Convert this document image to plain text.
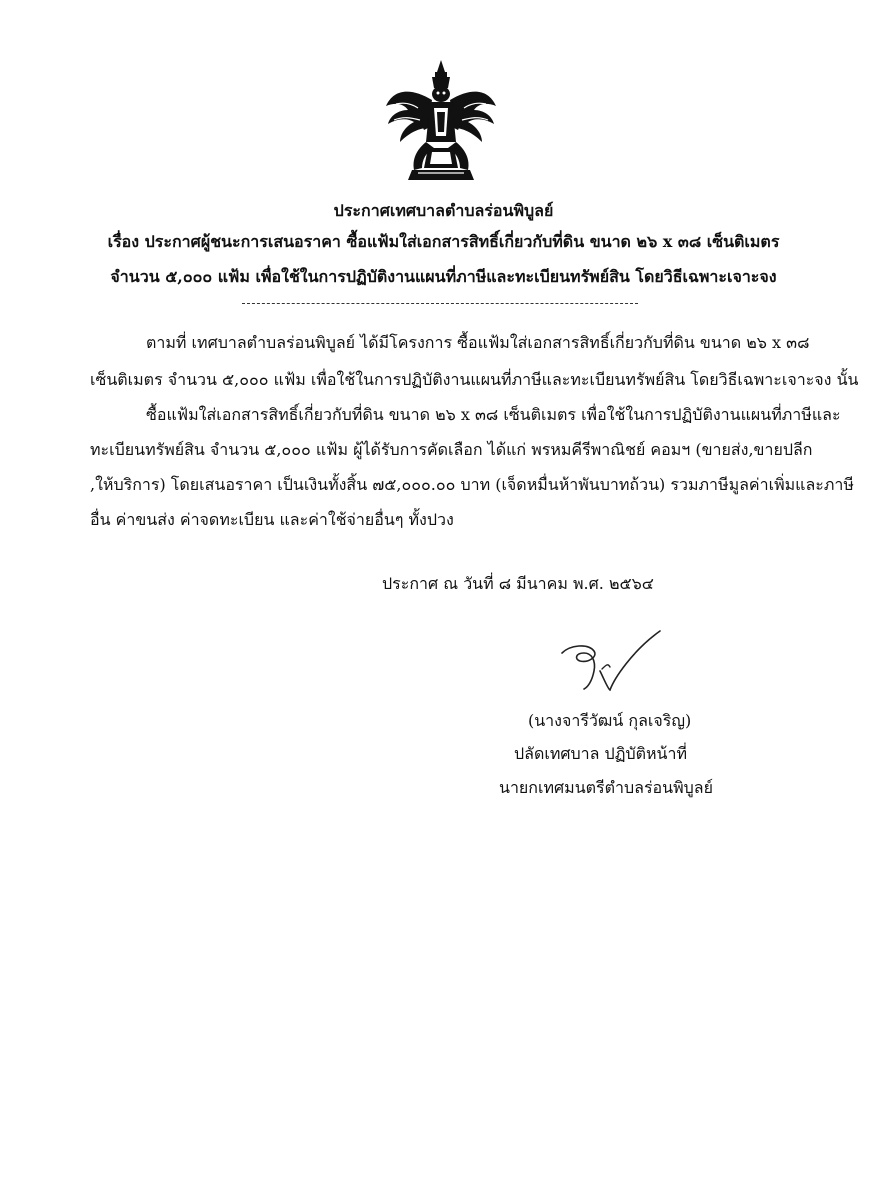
ประกาศเทศบาลตำบลร่อนพิบูลย์
เรื่อง ประกาศผู้ชนะการเสนอราคา ซื้อแฟ้มใส่เอกสารสิทธิ์เกี่ยวกับที่ดิน ขนาด ๒๖ x ๓๘ เซ็นติเมตร
จำนวน ๕,๐๐๐ แฟ้ม เพื่อใช้ในการปฏิบัติงานแผนที่ภาษีและทะเบียนทรัพย์สิน โดยวิธีเฉพาะเจาะจง
ตามที่ เทศบาลตำบลร่อนพิบูลย์ ได้มีโครงการ ซื้อแฟ้มใส่เอกสารสิทธิ์เกี่ยวกับที่ดิน ขนาด ๒๖ x ๓๘
เซ็นติเมตร จำนวน ๕,๐๐๐ แฟ้ม เพื่อใช้ในการปฏิบัติงานแผนที่ภาษีและทะเบียนทรัพย์สิน โดยวิธีเฉพาะเจาะจง นั้น
ซื้อแฟ้มใส่เอกสารสิทธิ์เกี่ยวกับที่ดิน ขนาด ๒๖ x ๓๘ เซ็นติเมตร เพื่อใช้ในการปฏิบัติงานแผนที่ภาษีและ
ทะเบียนทรัพย์สิน จำนวน ๕,๐๐๐ แฟ้ม ผู้ได้รับการคัดเลือก ได้แก่ พรหมคีรีพาณิชย์ คอมฯ (ขายส่ง,ขายปลีก
,ให้บริการ) โดยเสนอราคา เป็นเงินทั้งสิ้น ๗๕,๐๐๐.๐๐ บาท (เจ็ดหมื่นห้าพันบาทถ้วน) รวมภาษีมูลค่าเพิ่มและภาษี
อื่น ค่าขนส่ง ค่าจดทะเบียน และค่าใช้จ่ายอื่นๆ ทั้งปวง
ประกาศ ณ วันที่ ๘ มีนาคม พ.ศ. ๒๕๖๔
(นางจารีวัฒน์ กุลเจริญ)
ปลัดเทศบาล ปฏิบัติหน้าที่
นายกเทศมนตรีตำบลร่อนพิบูลย์
